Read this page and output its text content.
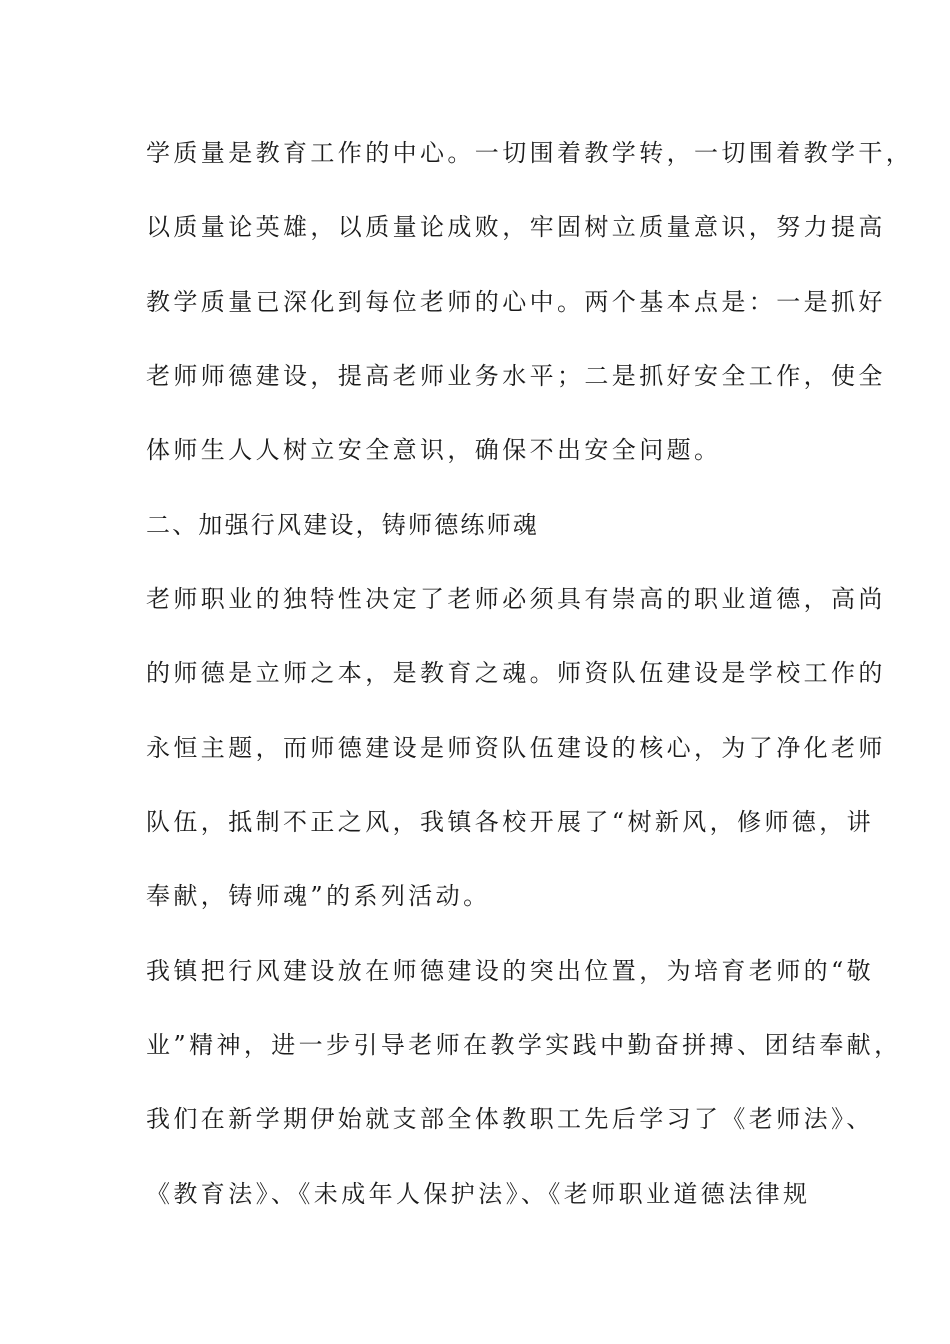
学质量是教育工作的中心。一切围着教学转，一切围着教学干，
以质量论英雄，以质量论成败，牢固树立质量意识，努力提高
教学质量已深化到每位老师的心中。两个基本点是：一是抓好
老师师德建设，提高老师业务水平；二是抓好安全工作，使全
体师生人人树立安全意识，确保不出安全问题。
二、加强行风建设，铸师德练师魂
老师职业的独特性决定了老师必须具有崇高的职业道德，高尚
的师德是立师之本，是教育之魂。师资队伍建设是学校工作的
永恒主题，而师德建设是师资队伍建设的核心，为了净化老师
队伍，抵制不正之风，我镇各校开展了“树新风，修师德，讲
奉献，铸师魂”的系列活动。
我镇把行风建设放在师德建设的突出位置，为培育老师的“敬
业”精神，进一步引导老师在教学实践中勤奋拼搏、团结奉献，
我们在新学期伊始就支部全体教职工先后学习了《老师法》、
《教育法》、《未成年人保护法》、《老师职业道德法律规
